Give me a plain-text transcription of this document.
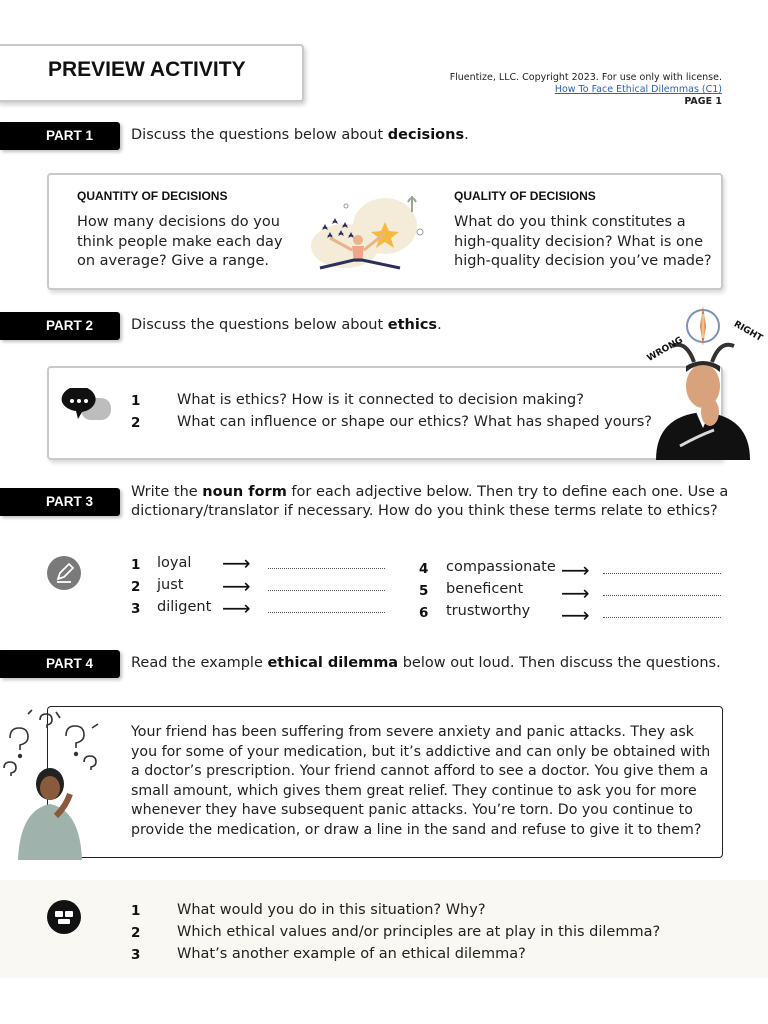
PREVIEW ACTIVITY	Fluentize, LLC. Copyright 2023. For use only with license.
How To Face Ethical Dilemmas (C1)
PAGE 1
PART 1	Discuss the questions below about decisions.
QUANTITY OF DECISIONS
How many decisions do you
think people make each day
on average? Give a range.
QUALITY OF DECISIONS
What do you think constitutes a
high-quality decision? What is one
high-quality decision you’ve made?
PART 2	Discuss the questions below about ethics.
1	What is ethics? How is it connected to decision making?
2	What can influence or shape our ethics? What has shaped yours?
WRONG
RIGHT
PART 3
Write the noun form for each adjective below. Then try to define each one. Use a
dictionary/translator if necessary. How do you think these terms relate to ethics?
1 loyal ⟶
2 just ⟶
3 diligent ⟶
4 compassionate ⟶
5 beneficent ⟶
6 trustworthy ⟶
PART 4	Read the example ethical dilemma below out loud. Then discuss the questions.
Your friend has been suffering from severe anxiety and panic attacks. They ask
you for some of your medication, but it’s addictive and can only be obtained with
a doctor’s prescription. Your friend cannot afford to see a doctor. You give them a
small amount, which gives them great relief. They continue to ask you for more
whenever they have subsequent panic attacks. You’re torn. Do you continue to
provide the medication, or draw a line in the sand and refuse to give it to them?
1	What would you do in this situation? Why?
2	Which ethical values and/or principles are at play in this dilemma?
3	What’s another example of an ethical dilemma?
